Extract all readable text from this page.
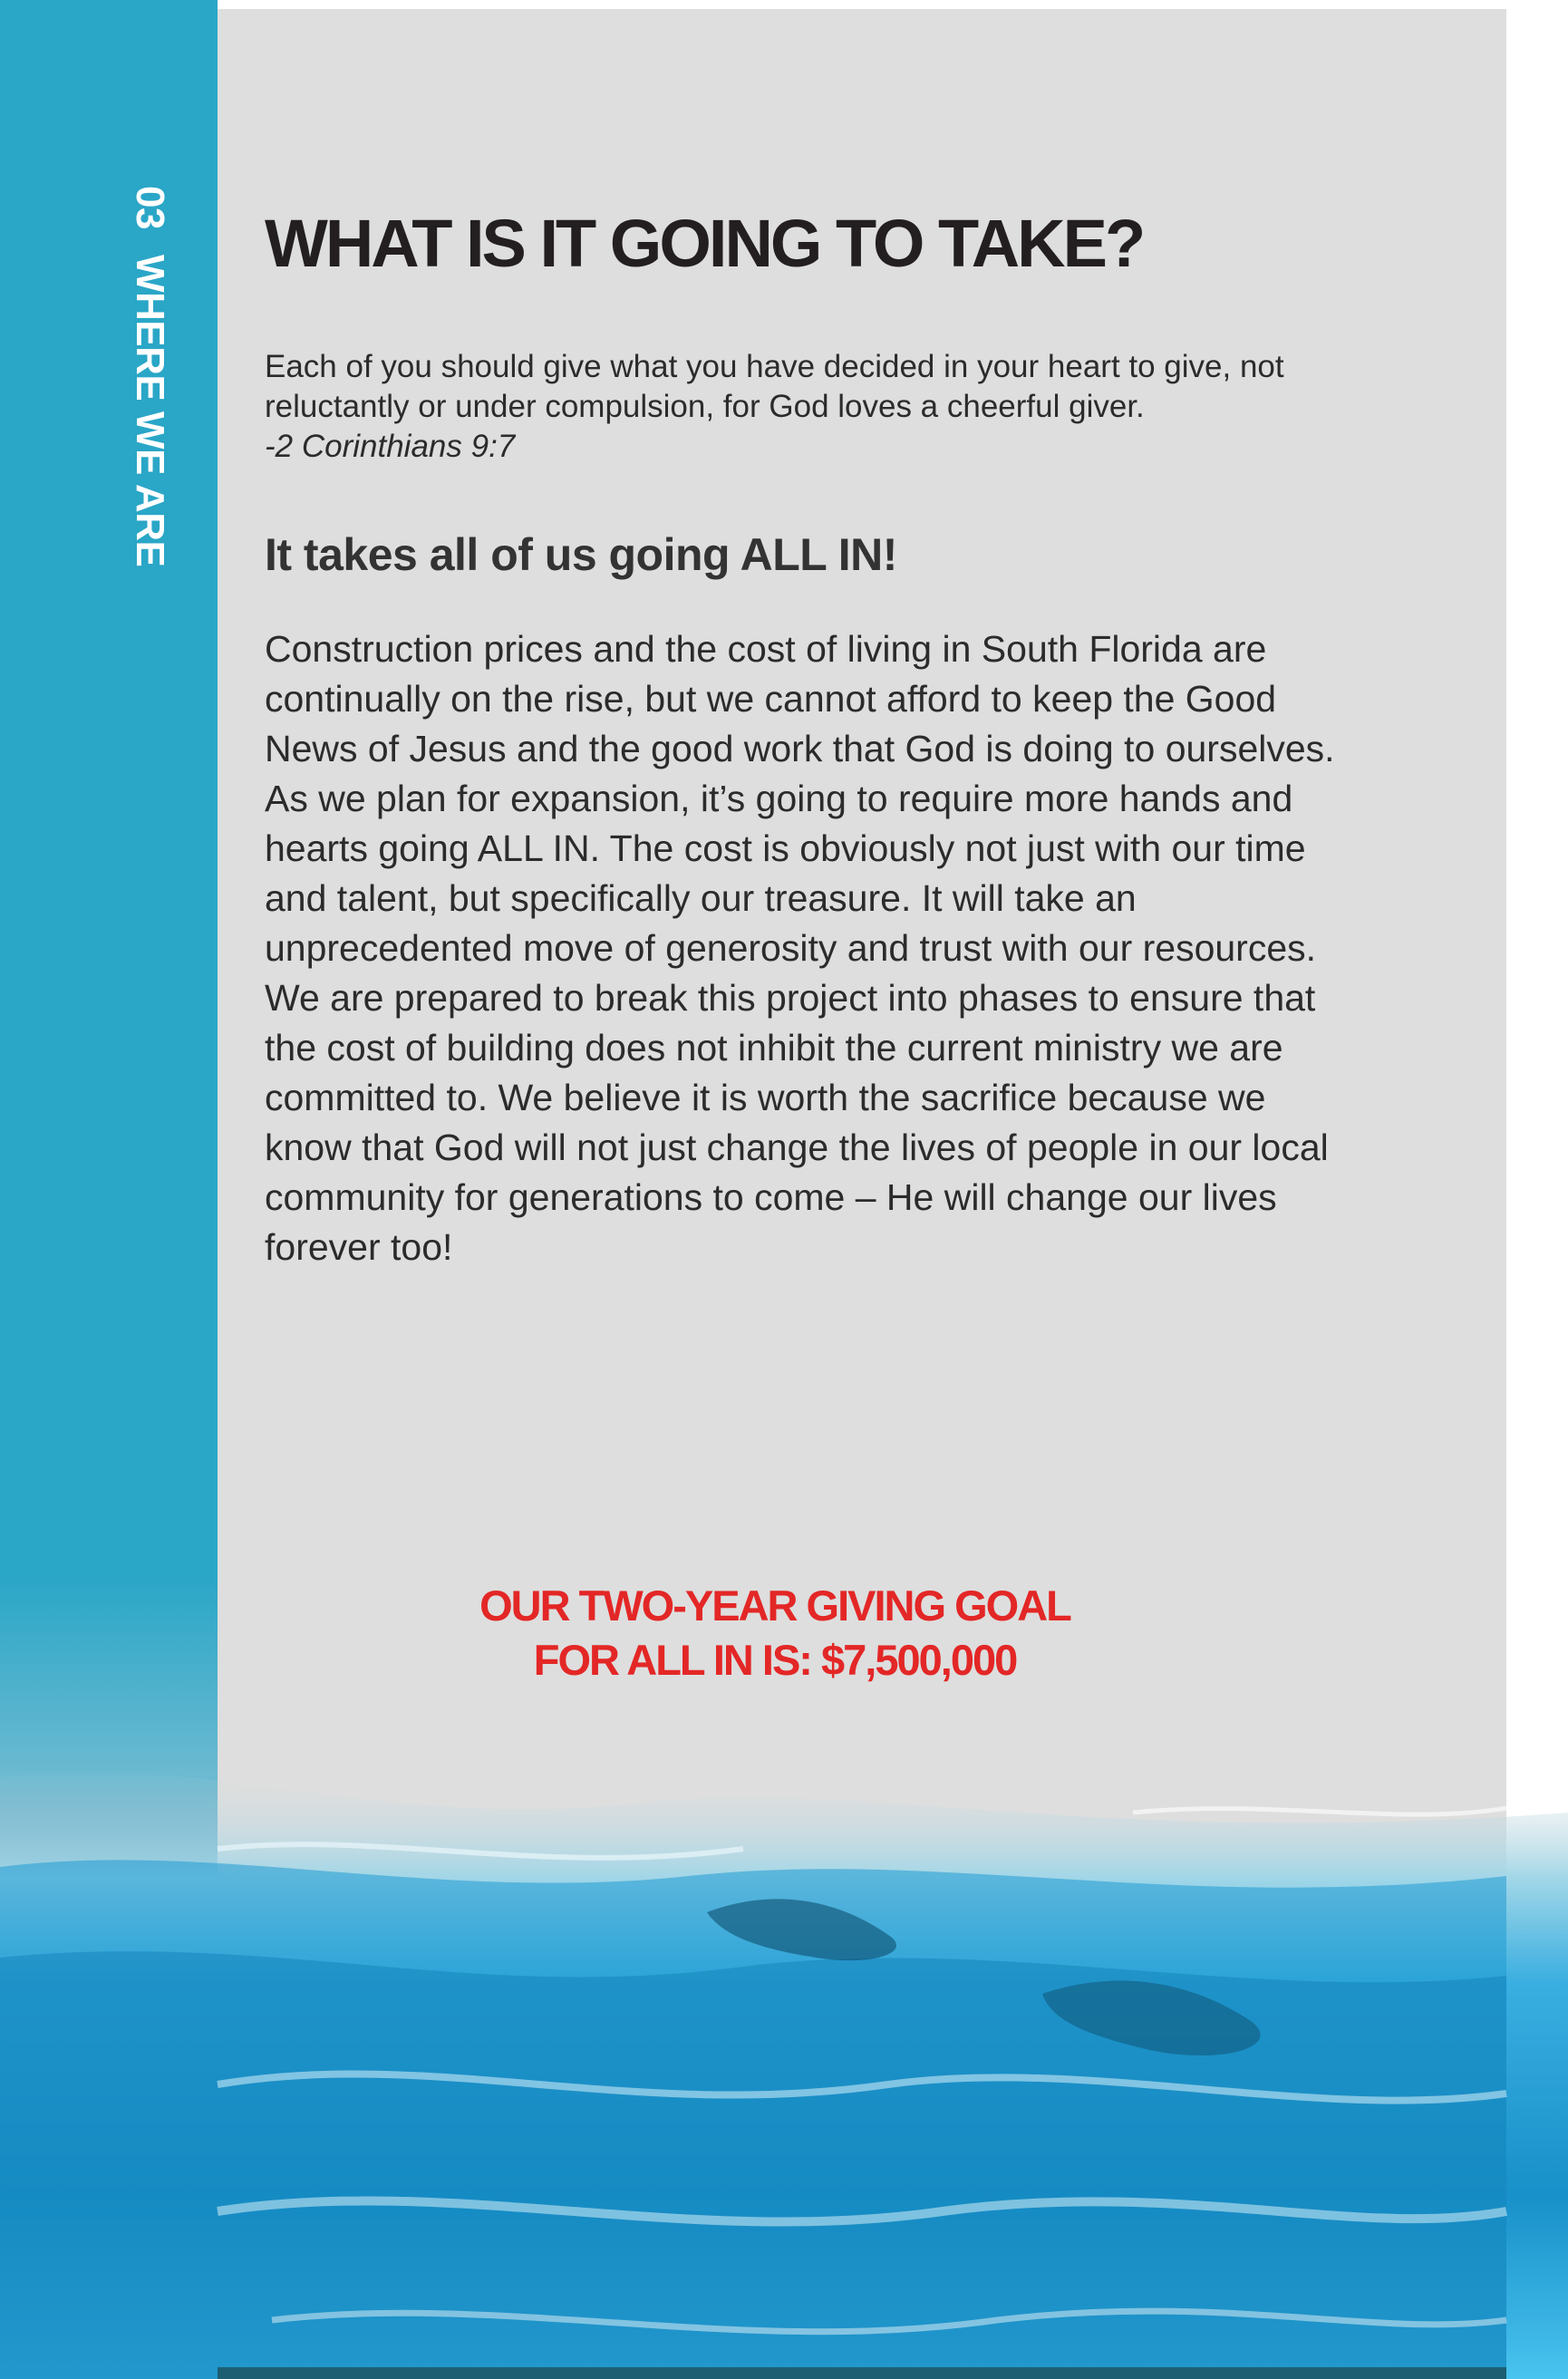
03WHERE WE ARE
WHAT IS IT GOING TO TAKE?
Each of you should give what you have decided in your heart to give, not reluctantly or under compulsion, for God loves a cheerful giver.
-2 Corinthians 9:7
It takes all of us going ALL IN!
Construction prices and the cost of living in South Florida are continually on the rise, but we cannot afford to keep the Good News of Jesus and the good work that God is doing to ourselves. As we plan for expansion, it’s going to require more hands and hearts going ALL IN. The cost is obviously not just with our time and talent, but specifically our treasure. It will take an unprecedented move of generosity and trust with our resources. We are prepared to break this project into phases to ensure that the cost of building does not inhibit the current ministry we are committed to. We believe it is worth the sacrifice because we know that God will not just change the lives of people in our local community for generations to come – He will change our lives forever too!
OUR TWO-YEAR GIVING GOAL
FOR ALL IN IS: $7,500,000
